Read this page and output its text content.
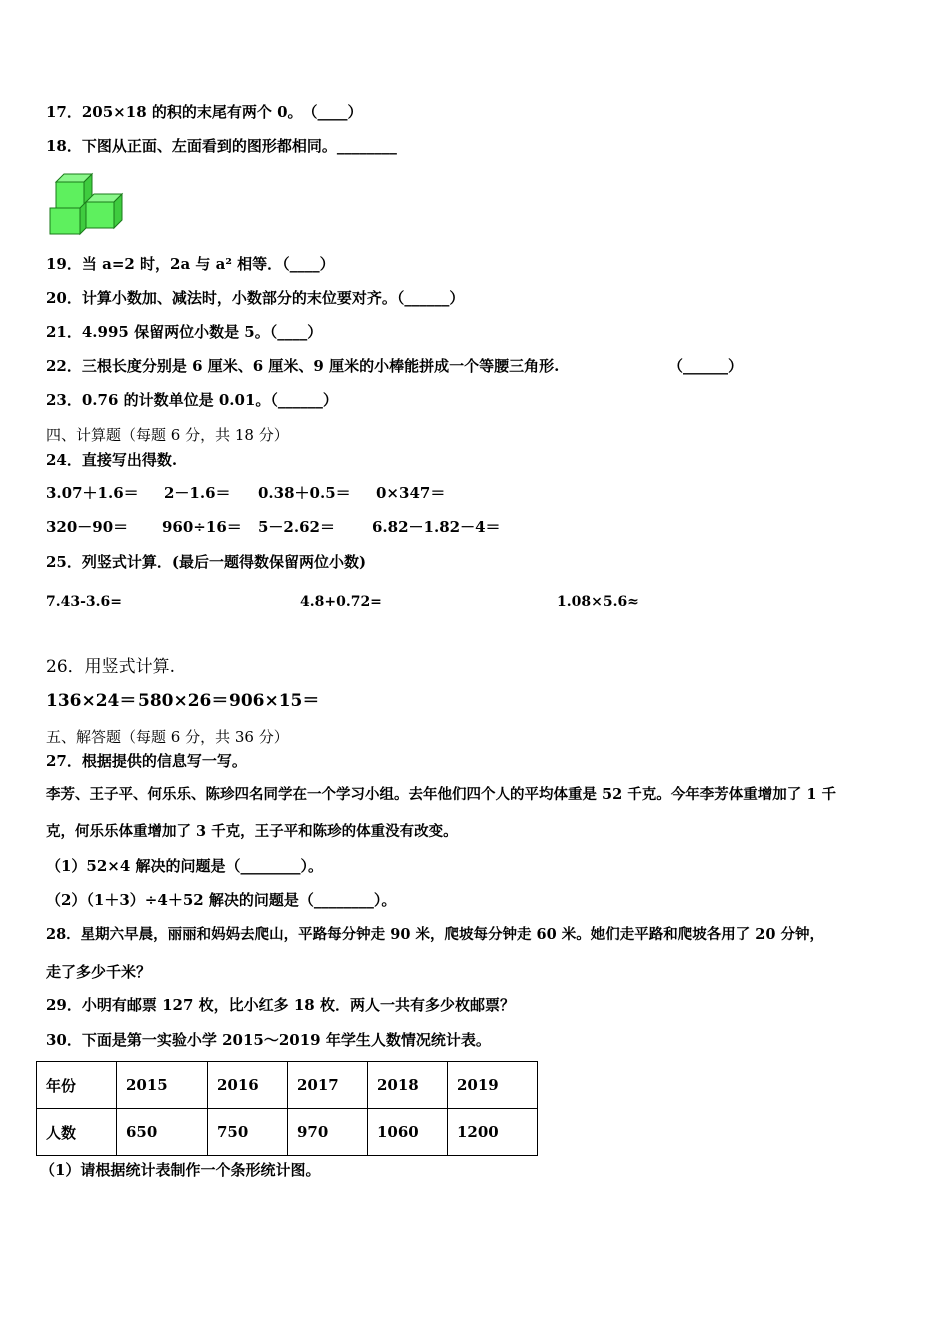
17．205×18 的积的末尾有两个 0。　（____）
18．下图从正面、左面看到的图形都相同。________
19．当 a=2 时，2a 与 a² 相等．（____）
20．计算小数加、减法时，小数部分的末位要对齐。（______）
21．4.995 保留两位小数是 5。（____）
22．三根长度分别是 6 厘米、6 厘米、9 厘米的小棒能拼成一个等腰三角形.	（______）
23．0.76 的计数单位是 0.01。（______）
四、计算题（每题 6 分，共 18 分）
24．直接写出得数.
3.07＋1.6＝ 2－1.6＝ 0.38＋0.5＝ 0×347＝
320－90＝ 960÷16＝ 5－2.62＝ 6.82－1.82－4＝
25．列竖式计算．(最后一题得数保留两位小数)
7.43-3.6=	4.8+0.72=	1.08×5.6≈
26．用竖式计算.
136×24＝ 580×26＝ 906×15＝
五、解答题（每题 6 分，共 36 分）
27．根据提供的信息写一写。
李芳、王子平、何乐乐、陈珍四名同学在一个学习小组。去年他们四个人的平均体重是 52 千克。今年李芳体重增加了 1 千
克，何乐乐体重增加了 3 千克，王子平和陈珍的体重没有改变。
（1）52×4 解决的问题是（________）。
（2）（1＋3）÷4＋52 解决的问题是（________）。
28．星期六早晨，丽丽和妈妈去爬山，平路每分钟走 90 米，爬坡每分钟走 60 米。她们走平路和爬坡各用了 20 分钟，
走了多少千米？
29．小明有邮票 127 枚，比小红多 18 枚．两人一共有多少枚邮票？
30．下面是第一实验小学 2015～2019 年学生人数情况统计表。
年份	2015	2016	2017	2018	2019
人数	650	750	970	1060	1200
（1）请根据统计表制作一个条形统计图。
